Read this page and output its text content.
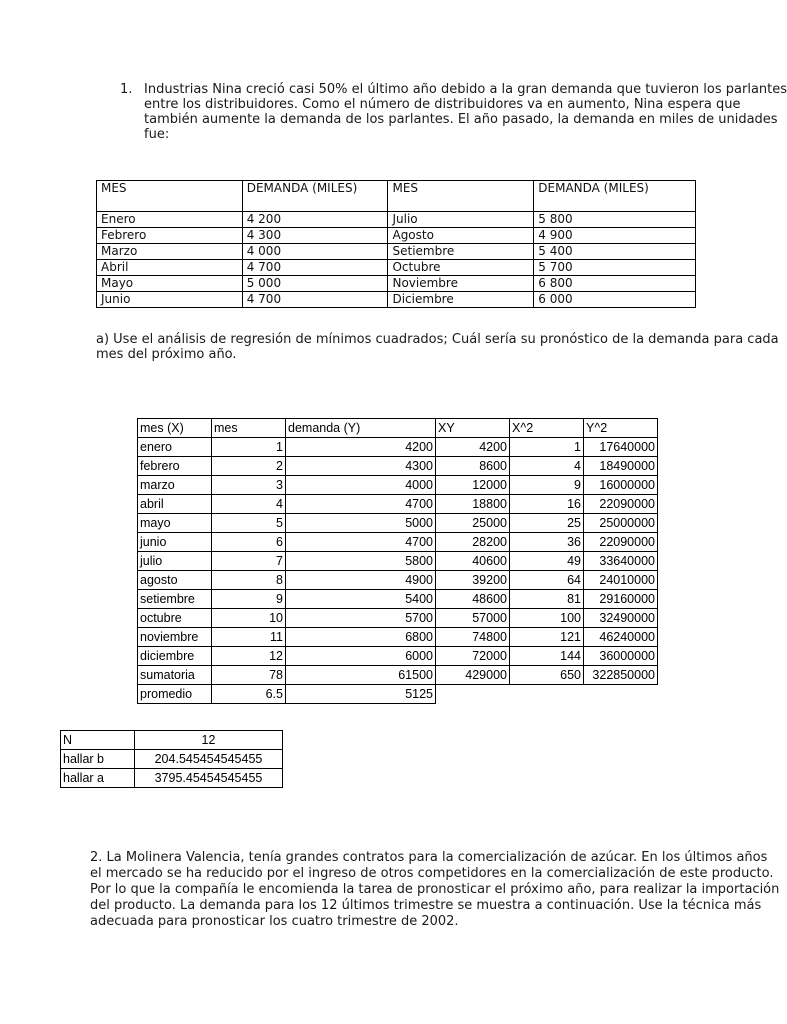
1. Industrias Nina creció casi 50% el último año debido a la gran demanda que tuvieron los parlantes
entre los distribuidores. Como el número de distribuidores va en aumento, Nina espera que
también aumente la demanda de los parlantes. El año pasado, la demanda en miles de unidades
fue:
MES	DEMANDA (MILES)	MES	DEMANDA (MILES)
Enero	4 200	Julio	5 800
Febrero	4 300	Agosto	4 900
Marzo	4 000	Setiembre	5 400
Abril	4 700	Octubre	5 700
Mayo	5 000	Noviembre	6 800
Junio	4 700	Diciembre	6 000
a) Use el análisis de regresión de mínimos cuadrados; Cuál sería su pronóstico de la demanda para cada
mes del próximo año.
mes (X)	mes	demanda (Y)	XY	X^2	Y^2
enero	1	4200	4200	1	17640000
febrero	2	4300	8600	4	18490000
marzo	3	4000	12000	9	16000000
abril	4	4700	18800	16	22090000
mayo	5	5000	25000	25	25000000
junio	6	4700	28200	36	22090000
julio	7	5800	40600	49	33640000
agosto	8	4900	39200	64	24010000
setiembre	9	5400	48600	81	29160000
octubre	10	5700	57000	100	32490000
noviembre	11	6800	74800	121	46240000
diciembre	12	6000	72000	144	36000000
sumatoria	78	61500	429000	650	322850000
promedio	6.5	5125			
N	12
hallar b	204.545454545455
hallar a	3795.45454545455
2. La Molinera Valencia, tenía grandes contratos para la comercialización de azúcar. En los últimos años
el mercado se ha reducido por el ingreso de otros competidores en la comercialización de este producto.
Por lo que la compañía le encomienda la tarea de pronosticar el próximo año, para realizar la importación
del producto. La demanda para los 12 últimos trimestre se muestra a continuación. Use la técnica más
adecuada para pronosticar los cuatro trimestre de 2002.
